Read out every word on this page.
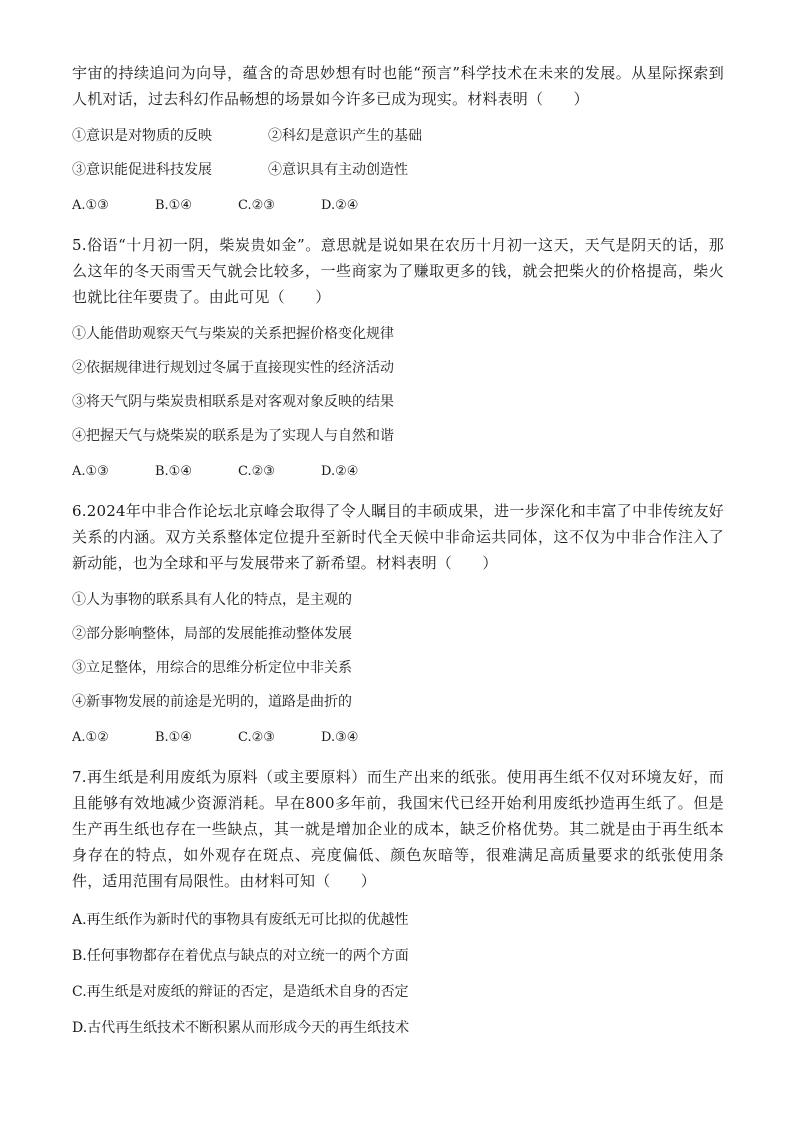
宇宙的持续追问为向导，蕴含的奇思妙想有时也能“预言”科学技术在未来的发展。从星际探索到人机对话，过去科幻作品畅想的场景如今许多已成为现实。材料表明（　　）

①意识是对物质的反映	②科幻是意识产生的基础
③意识能促进科技发展	④意识具有主动创造性
A.①③	B.①④	C.②③	D.②④

5.俗语“十月初一阴，柴炭贵如金”。意思就是说如果在农历十月初一这天，天气是阴天的话，那么这年的冬天雨雪天气就会比较多，一些商家为了赚取更多的钱，就会把柴火的价格提高，柴火也就比往年要贵了。由此可见（　　）

①人能借助观察天气与柴炭的关系把握价格变化规律

②依据规律进行规划过冬属于直接现实性的经济活动

③将天气阴与柴炭贵相联系是对客观对象反映的结果

④把握天气与烧柴炭的联系是为了实现人与自然和谐

A.①③	B.①④	C.②③	D.②④

6.2024年中非合作论坛北京峰会取得了令人瞩目的丰硕成果，进一步深化和丰富了中非传统友好关系的内涵。双方关系整体定位提升至新时代全天候中非命运共同体，这不仅为中非合作注入了新动能，也为全球和平与发展带来了新希望。材料表明（　　）

①人为事物的联系具有人化的特点，是主观的

②部分影响整体，局部的发展能推动整体发展

③立足整体，用综合的思维分析定位中非关系

④新事物发展的前途是光明的，道路是曲折的

A.①②	B.①④	C.②③	D.③④

7.再生纸是利用废纸为原料（或主要原料）而生产出来的纸张。使用再生纸不仅对环境友好，而且能够有效地减少资源消耗。早在800多年前，我国宋代已经开始利用废纸抄造再生纸了。但是生产再生纸也存在一些缺点，其一就是增加企业的成本，缺乏价格优势。其二就是由于再生纸本身存在的特点，如外观存在斑点、亮度偏低、颜色灰暗等，很难满足高质量要求的纸张使用条件，适用范围有局限性。由材料可知（　　）

A.再生纸作为新时代的事物具有废纸无可比拟的优越性

B.任何事物都存在着优点与缺点的对立统一的两个方面

C.再生纸是对废纸的辩证的否定，是造纸术自身的否定

D.古代再生纸技术不断积累从而形成今天的再生纸技术
